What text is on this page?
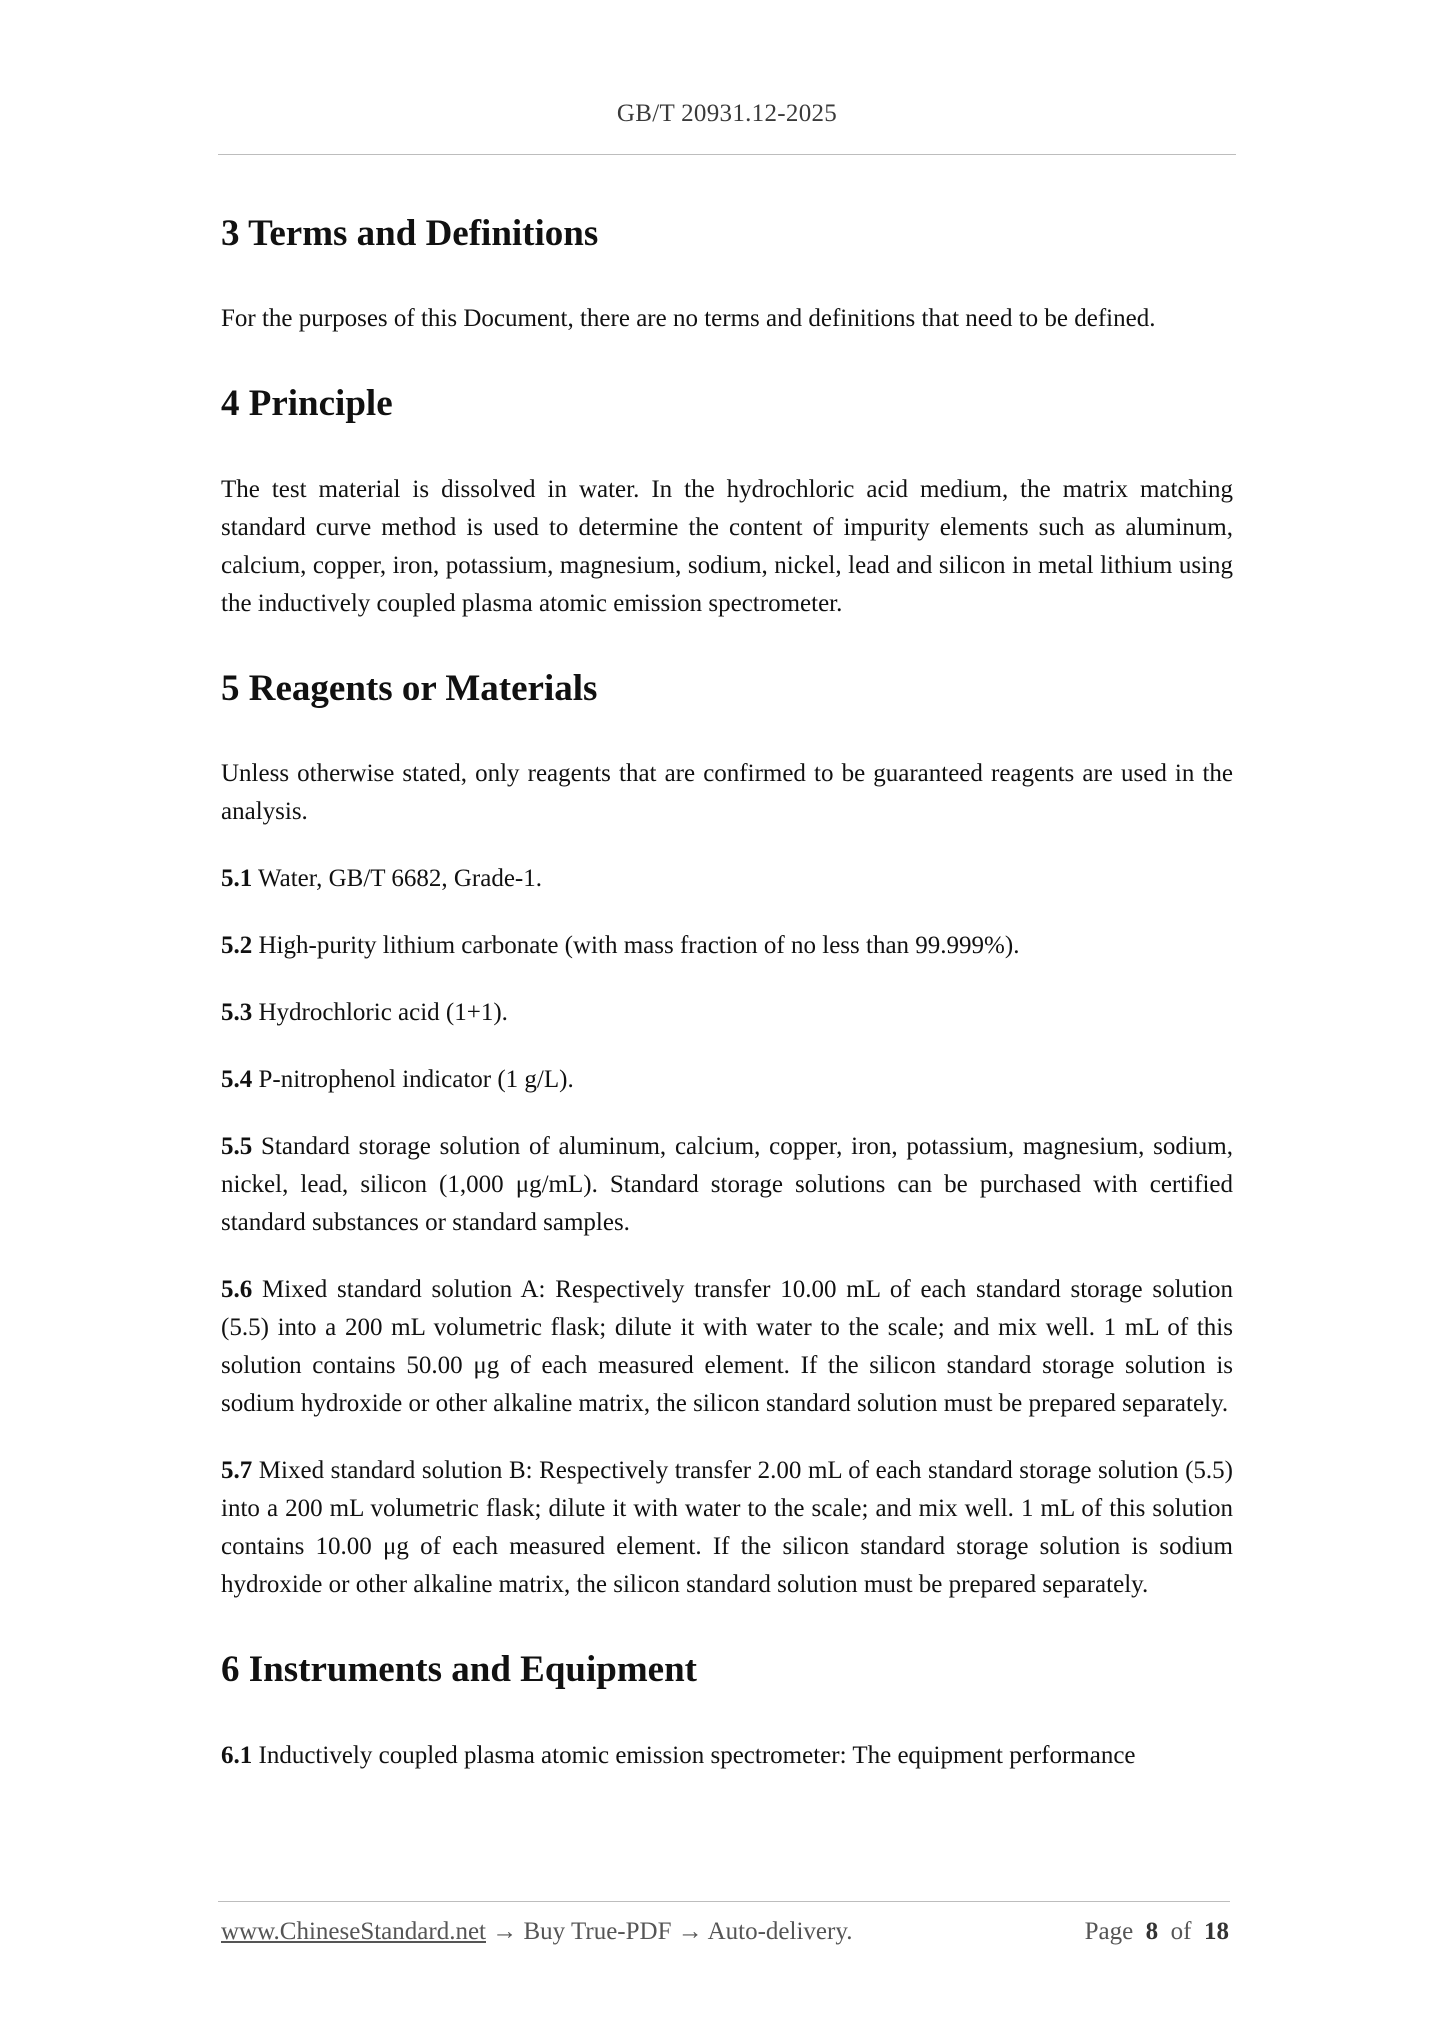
GB/T 20931.12-2025
3 Terms and Definitions

For the purposes of this Document, there are no terms and definitions that need to be defined.

4 Principle

The test material is dissolved in water. In the hydrochloric acid medium, the matrix matching standard curve method is used to determine the content of impurity elements such as aluminum, calcium, copper, iron, potassium, magnesium, sodium, nickel, lead and silicon in metal lithium using the inductively coupled plasma atomic emission spectrometer.

5 Reagents or Materials

Unless otherwise stated, only reagents that are confirmed to be guaranteed reagents are used in the analysis.

5.1 Water, GB/T 6682, Grade-1.

5.2 High-purity lithium carbonate (with mass fraction of no less than 99.999%).

5.3 Hydrochloric acid (1+1).

5.4 P-nitrophenol indicator (1 g/L).

5.5 Standard storage solution of aluminum, calcium, copper, iron, potassium, magnesium, sodium, nickel, lead, silicon (1,000 μg/mL). Standard storage solutions can be purchased with certified standard substances or standard samples.

5.6 Mixed standard solution A: Respectively transfer 10.00 mL of each standard storage solution (5.5) into a 200 mL volumetric flask; dilute it with water to the scale; and mix well. 1 mL of this solution contains 50.00 μg of each measured element. If the silicon standard storage solution is sodium hydroxide or other alkaline matrix, the silicon standard solution must be prepared separately.

5.7 Mixed standard solution B: Respectively transfer 2.00 mL of each standard storage solution (5.5) into a 200 mL volumetric flask; dilute it with water to the scale; and mix well. 1 mL of this solution contains 10.00 μg of each measured element. If the silicon standard storage solution is sodium hydroxide or other alkaline matrix, the silicon standard solution must be prepared separately.

6 Instruments and Equipment

6.1 Inductively coupled plasma atomic emission spectrometer: The equipment performance

www.ChineseStandard.net → Buy True-PDF → Auto-delivery.	Page 8 of 18
